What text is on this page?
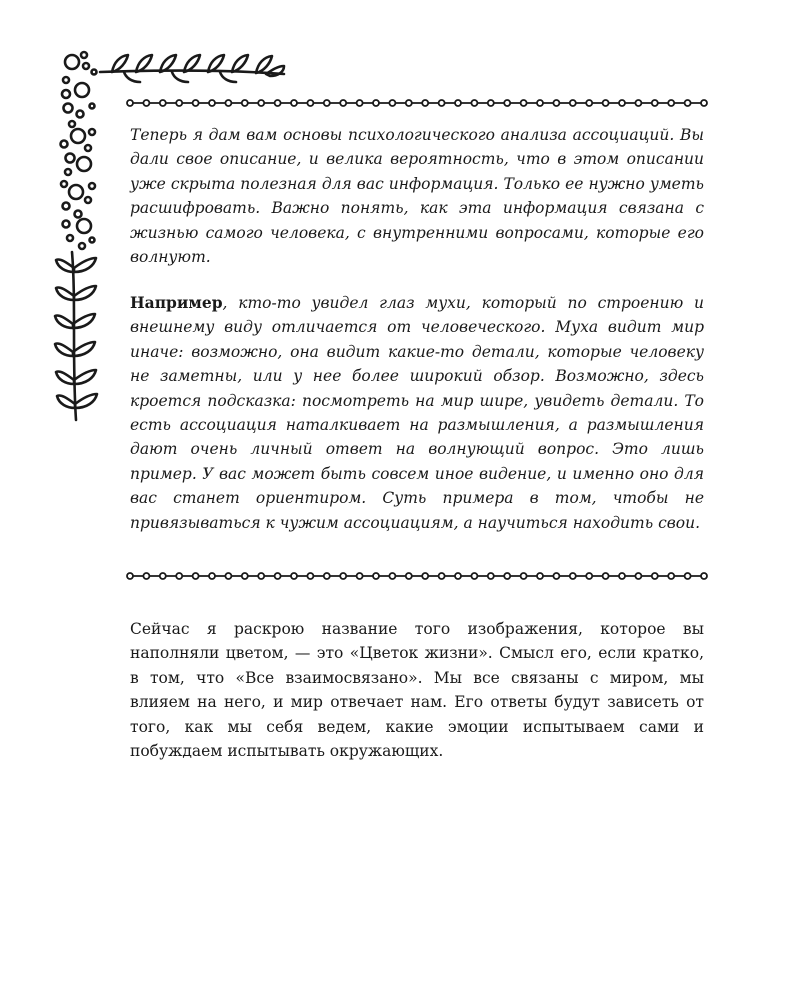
Теперь я дам вам основы психологического анализа ассоциаций. Вы дали свое описание, и велика вероятность, что в этом описании уже скрыта полезная для вас информация. Только ее нужно уметь расшифровать. Важно понять, как эта информация связана с жизнью самого человека, с внутренними вопросами, которые его волнуют.

Например, кто-то увидел глаз мухи, который по строению и внешнему виду отличается от человеческого. Муха видит мир иначе: возможно, она видит какие-то детали, которые человеку не заметны, или у нее более широкий обзор. Возможно, здесь кроется подсказка: посмотреть на мир шире, увидеть детали. То есть ассоциация наталкивает на размышления, а размышления дают очень личный ответ на волнующий вопрос. Это лишь пример. У вас может быть совсем иное видение, и именно оно для вас станет ориентиром. Суть примера в том, чтобы не привязываться к чужим ассоциациям, а научиться находить свои.

Сейчас я раскрою название того изображения, которое вы наполняли цветом, — это «Цветок жизни». Смысл его, если кратко, в том, что «Все взаимосвязано». Мы все связаны с миром, мы влияем на него, и мир отвечает нам. Его ответы будут зависеть от того, как мы себя ведем, какие эмоции испытываем сами и побуждаем испытывать окружающих.
